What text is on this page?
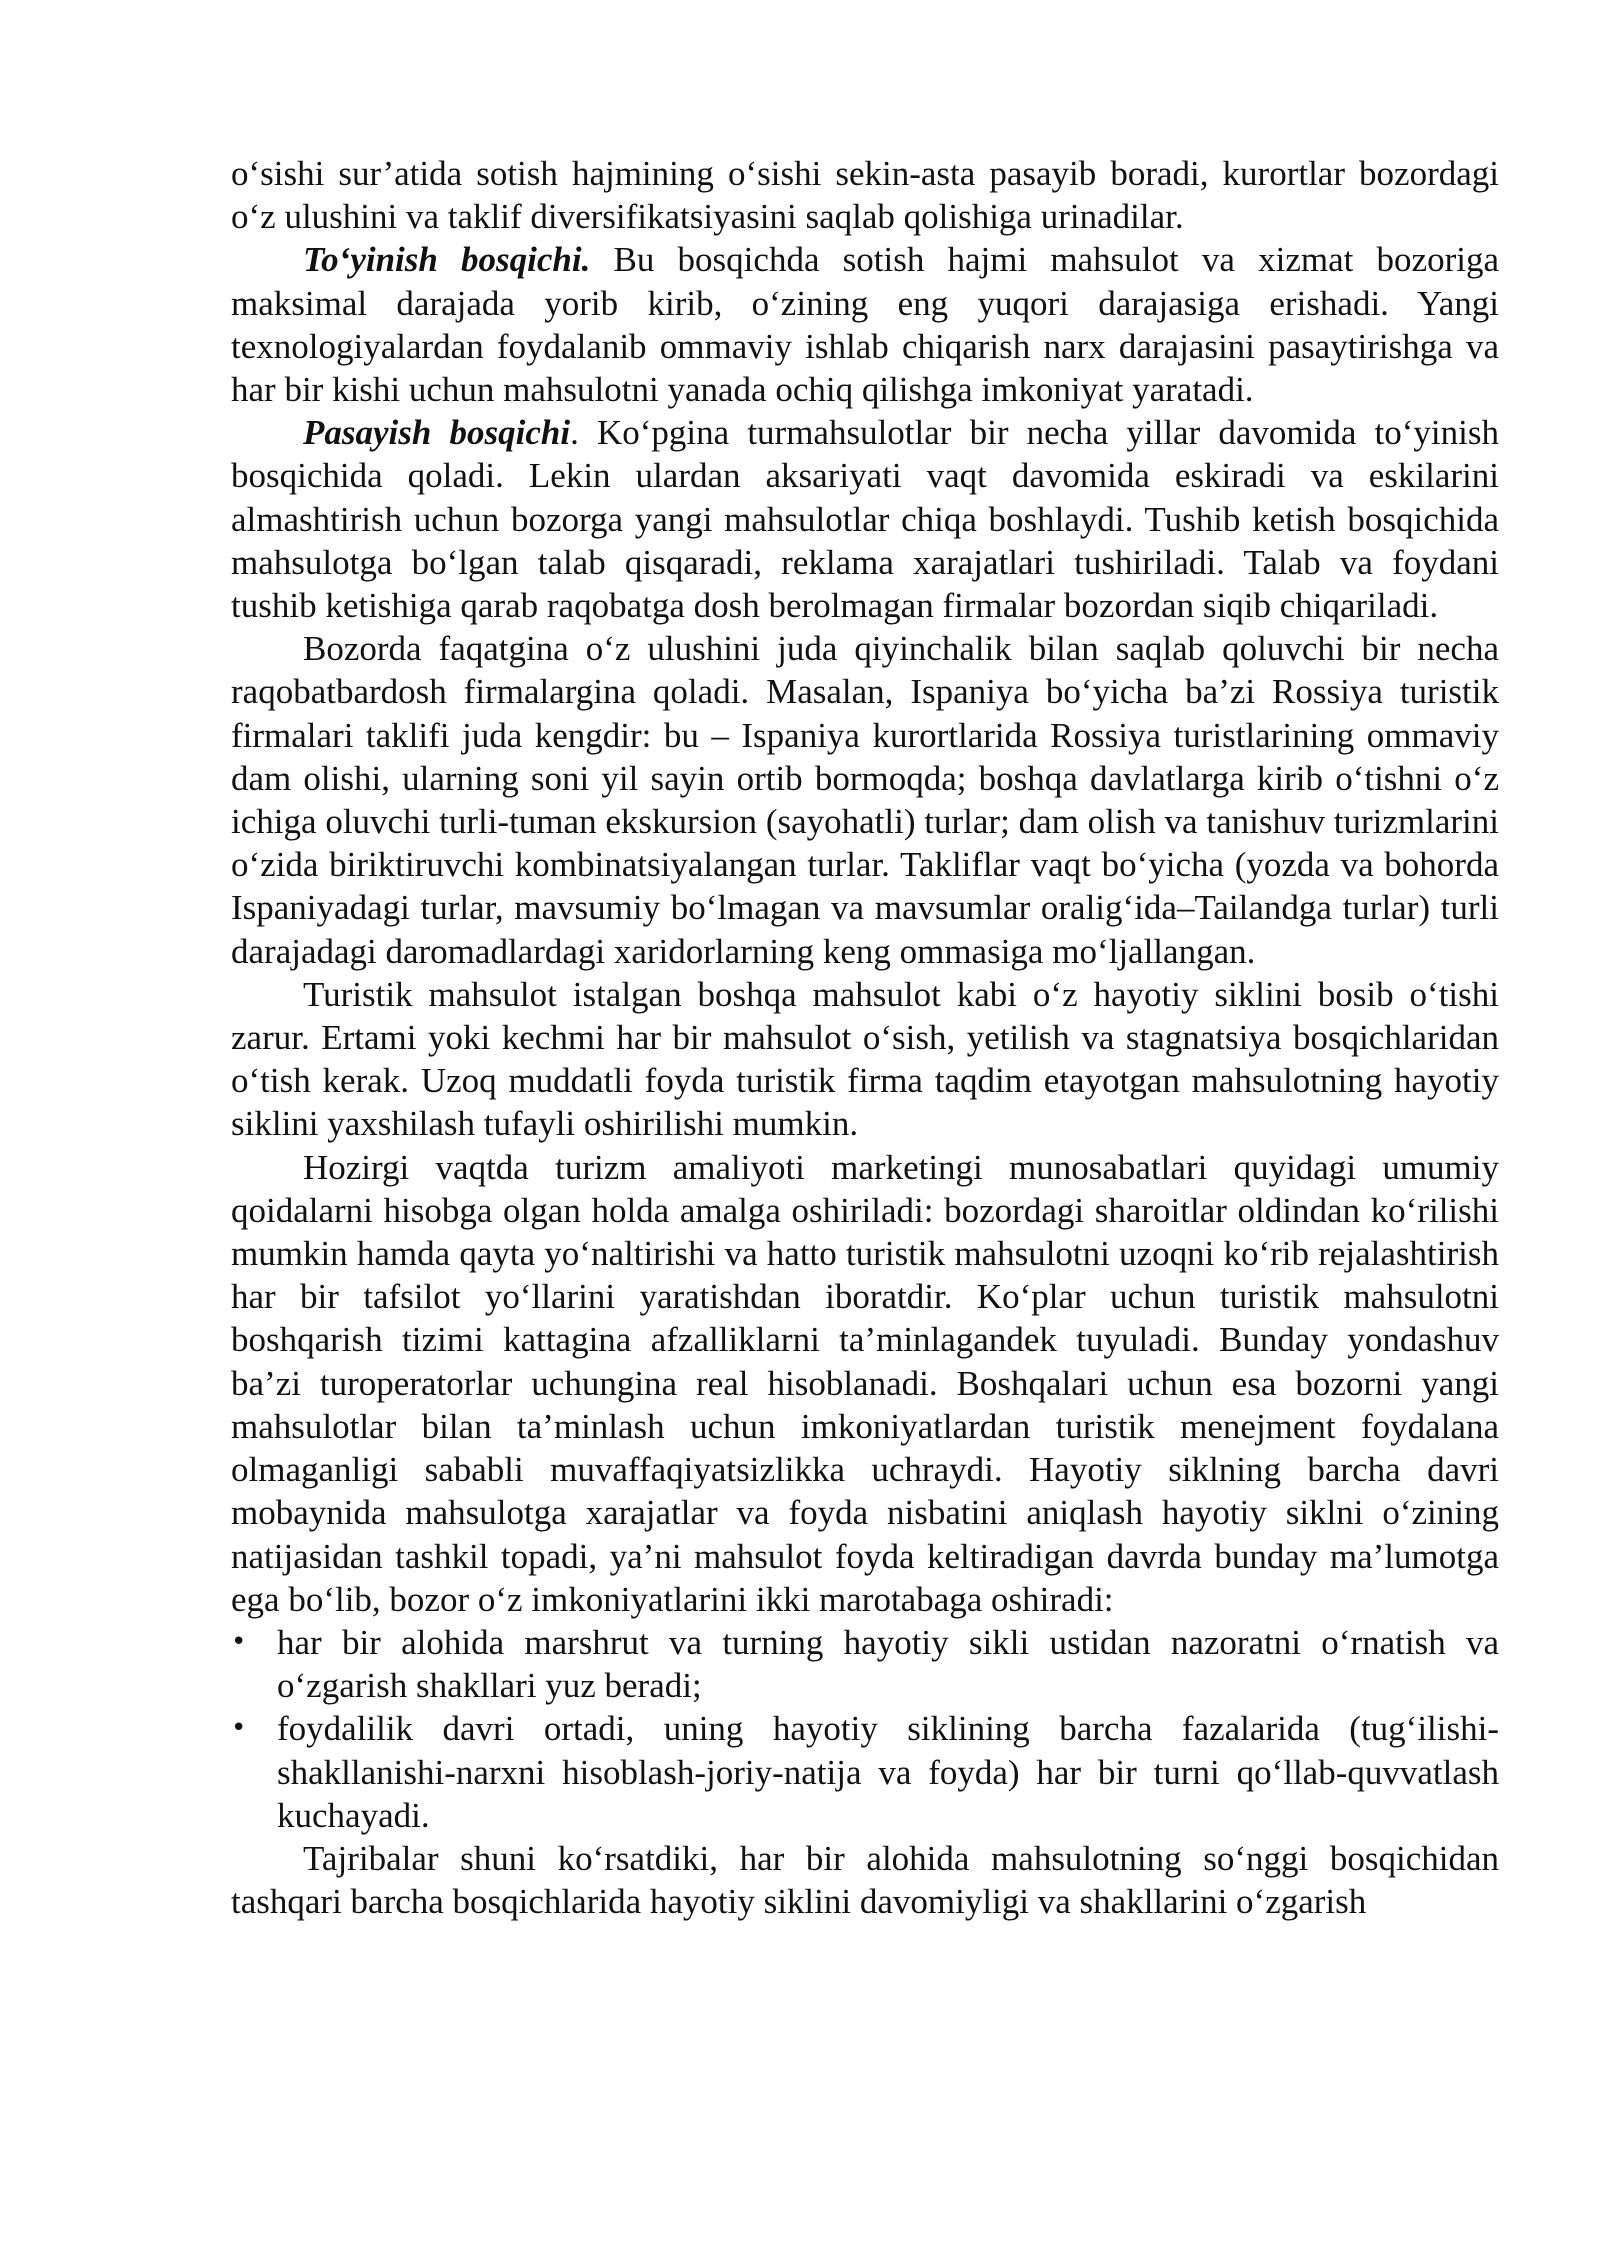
o‘sishi sur’atida sotish hajmining o‘sishi sekin-asta pasayib boradi, kurortlar bozordagi o‘z ulushini va taklif diversifikatsiyasini saqlab qolishiga urinadilar.

To‘yinish bosqichi. Bu bosqichda sotish hajmi mahsulot va xizmat bozoriga maksimal darajada yorib kirib, o‘zining eng yuqori darajasiga erishadi. Yangi texnologiyalardan foydalanib ommaviy ishlab chiqarish narx darajasini pasaytirishga va har bir kishi uchun mahsulotni yanada ochiq qilishga imkoniyat yaratadi.

Pasayish bosqichi. Ko‘pgina turmahsulotlar bir necha yillar davomida to‘yinish bosqichida qoladi. Lekin ulardan aksariyati vaqt davomida eskiradi va eskilarini almashtirish uchun bozorga yangi mahsulotlar chiqa boshlaydi. Tushib ketish bosqichida mahsulotga bo‘lgan talab qisqaradi, reklama xarajatlari tushiriladi. Talab va foydani tushib ketishiga qarab raqobatga dosh berolmagan firmalar bozordan siqib chiqariladi.

Bozorda faqatgina o‘z ulushini juda qiyinchalik bilan saqlab qoluvchi bir necha raqobatbardosh firmalargina qoladi. Masalan, Ispaniya bo‘yicha ba’zi Rossiya turistik firmalari taklifi juda kengdir: bu – Ispaniya kurortlarida Rossiya turistlarining ommaviy dam olishi, ularning soni yil sayin ortib bormoqda; boshqa davlatlarga kirib o‘tishni o‘z ichiga oluvchi turli-tuman ekskursion (sayohatli) turlar; dam olish va tanishuv turizmlarini o‘zida biriktiruvchi kombinatsiyalangan turlar. Takliflar vaqt bo‘yicha (yozda va bohorda Ispaniyadagi turlar, mavsumiy bo‘lmagan va mavsumlar oralig‘ida–Tailandga turlar) turli darajadagi daromadlardagi xaridorlarning keng ommasiga mo‘ljallangan.

Turistik mahsulot istalgan boshqa mahsulot kabi o‘z hayotiy siklini bosib o‘tishi zarur. Ertami yoki kechmi har bir mahsulot o‘sish, yetilish va stagnatsiya bosqichlaridan o‘tish kerak. Uzoq muddatli foyda turistik firma taqdim etayotgan mahsulotning hayotiy siklini yaxshilash tufayli oshirilishi mumkin.

Hozirgi vaqtda turizm amaliyoti marketingi munosabatlari quyidagi umumiy qoidalarni hisobga olgan holda amalga oshiriladi: bozordagi sharoitlar oldindan ko‘rilishi mumkin hamda qayta yo‘naltirishi va hatto turistik mahsulotni uzoqni ko‘rib rejalashtirish har bir tafsilot yo‘llarini yaratishdan iboratdir. Ko‘plar uchun turistik mahsulotni boshqarish tizimi kattagina afzalliklarni ta’minlagandek tuyuladi. Bunday yondashuv ba’zi turoperatorlar uchungina real hisoblanadi. Boshqalari uchun esa bozorni yangi mahsulotlar bilan ta’minlash uchun imkoniyatlardan turistik menejment foydalana olmaganligi sababli muvaffaqiyatsizlikka uchraydi. Hayotiy siklning barcha davri mobaynida mahsulotga xarajatlar va foyda nisbatini aniqlash hayotiy siklni o‘zining natijasidan tashkil topadi, ya’ni mahsulot foyda keltiradigan davrda bunday ma’lumotga ega bo‘lib, bozor o‘z imkoniyatlarini ikki marotabaga oshiradi:

• har bir alohida marshrut va turning hayotiy sikli ustidan nazoratni o‘rnatish va o‘zgarish shakllari yuz beradi;
• foydalilik davri ortadi, uning hayotiy siklining barcha fazalarida (tug‘ilishi-shakllanishi-narxni hisoblash-joriy-natija va foyda) har bir turni qo‘llab-quvvatlash kuchayadi.

Tajribalar shuni ko‘rsatdiki, har bir alohida mahsulotning so‘nggi bosqichidan tashqari barcha bosqichlarida hayotiy siklini davomiyligi va shakllarini o‘zgarish
